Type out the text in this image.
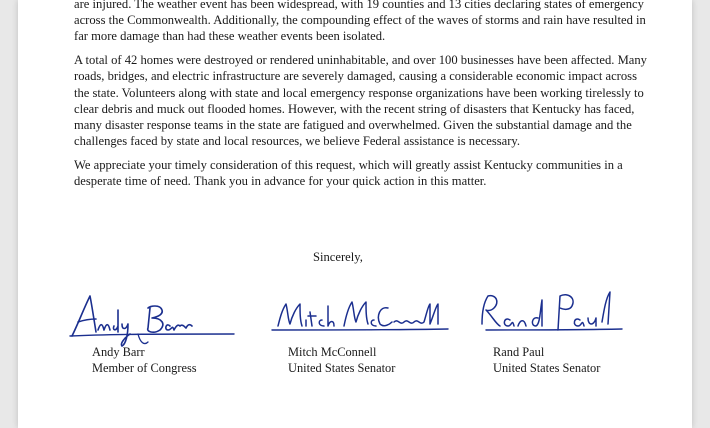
are injured. The weather event has been widespread, with 19 counties and 13 cities declaring states of emergency across the Commonwealth. Additionally, the compounding effect of the waves of storms and rain have resulted in far more damage than had these weather events been isolated.

A total of 42 homes were destroyed or rendered uninhabitable, and over 100 businesses have been affected. Many roads, bridges, and electric infrastructure are severely damaged, causing a considerable economic impact across the state. Volunteers along with state and local emergency response organizations have been working tirelessly to clear debris and muck out flooded homes. However, with the recent string of disasters that Kentucky has faced, many disaster response teams in the state are fatigued and overwhelmed. Given the substantial damage and the challenges faced by state and local resources, we believe Federal assistance is necessary.

We appreciate your timely consideration of this request, which will greatly assist Kentucky communities in a desperate time of need. Thank you in advance for your quick action in this matter.

Sincerely,
Andy Barr
Member of Congress
Mitch McConnell
United States Senator
Rand Paul
United States Senator
